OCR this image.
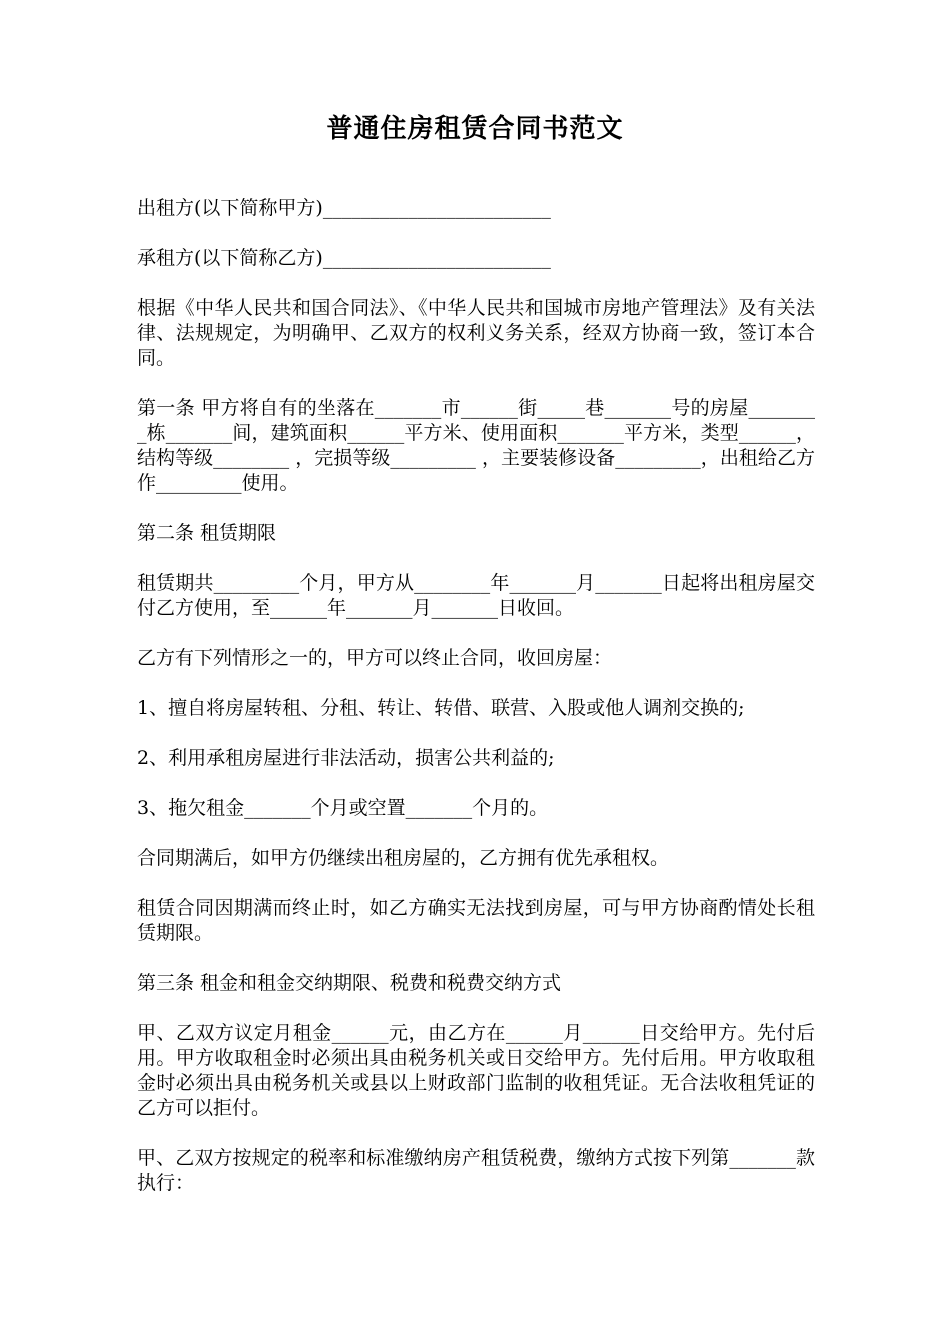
普通住房租赁合同书范文

出租方(以下简称甲方)________________________

承租方(以下简称乙方)________________________

根据《中华人民共和国合同法》、《中华人民共和国城市房地产管理法》及有关法律、法规规定，为明确甲、乙双方的权利义务关系，经双方协商一致，签订本合同。

第一条 甲方将自有的坐落在_______市______街_____巷_______号的房屋________栋_______间，建筑面积______平方米、使用面积_______平方米，类型______，结构等级________ ，完损等级_________ ，主要装修设备_________，出租给乙方作_________使用。

第二条 租赁期限

租赁期共_________个月，甲方从________年_______月_______日起将出租房屋交付乙方使用，至______年_______月_______日收回。

乙方有下列情形之一的，甲方可以终止合同，收回房屋：

1、擅自将房屋转租、分租、转让、转借、联营、入股或他人调剂交换的;

2、利用承租房屋进行非法活动，损害公共利益的;

3、拖欠租金_______个月或空置_______个月的。

合同期满后，如甲方仍继续出租房屋的，乙方拥有优先承租权。

租赁合同因期满而终止时，如乙方确实无法找到房屋，可与甲方协商酌情处长租赁期限。

第三条 租金和租金交纳期限、税费和税费交纳方式

甲、乙双方议定月租金______元，由乙方在______月______日交给甲方。先付后用。甲方收取租金时必须出具由税务机关或日交给甲方。先付后用。甲方收取租金时必须出具由税务机关或县以上财政部门监制的收租凭证。无合法收租凭证的乙方可以拒付。

甲、乙双方按规定的税率和标准缴纳房产租赁税费，缴纳方式按下列第_______款执行：
